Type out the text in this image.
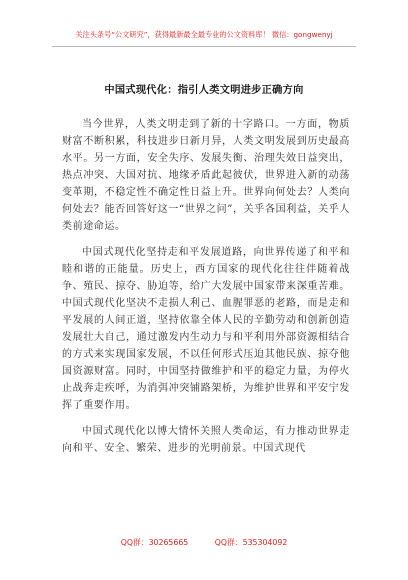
关注头条号“公文研究”，获得最新最全最专业的公文资料库！ 微信：gongwenyj
中国式现代化：指引人类文明进步正确方向

当今世界，人类文明走到了新的十字路口。一方面，物质财富不断积累，科技进步日新月异，人类文明发展到历史最高水平。另一方面，安全失序、发展失衡、治理失效日益突出，热点冲突、大国对抗、地缘矛盾此起彼伏，世界进入新的动荡变革期，不稳定性不确定性日益上升。世界向何处去？人类向何处去？能否回答好这一“世界之问”，关乎各国利益，关乎人类前途命运。

中国式现代化坚持走和平发展道路，向世界传递了和平和睦和谐的正能量。历史上，西方国家的现代化往往伴随着战争、殖民、掠夺、胁迫等，给广大发展中国家带来深重苦难。中国式现代化坚决不走损人利己、血腥罪恶的老路，而是走和平发展的人间正道，坚持依靠全体人民的辛勤劳动和创新创造发展壮大自己，通过激发内生动力与和平利用外部资源相结合的方式来实现国家发展，不以任何形式压迫其他民族、掠夺他国资源财富。同时，中国坚持做维护和平的稳定力量，为停火止战奔走疾呼，为消弭冲突铺路架桥，为维护世界和平安宁发挥了重要作用。

中国式现代化以博大情怀关照人类命运，有力推动世界走向和平、安全、繁荣、进步的光明前景。中国式现代

QQ群：30265665	QQ群：535304092
